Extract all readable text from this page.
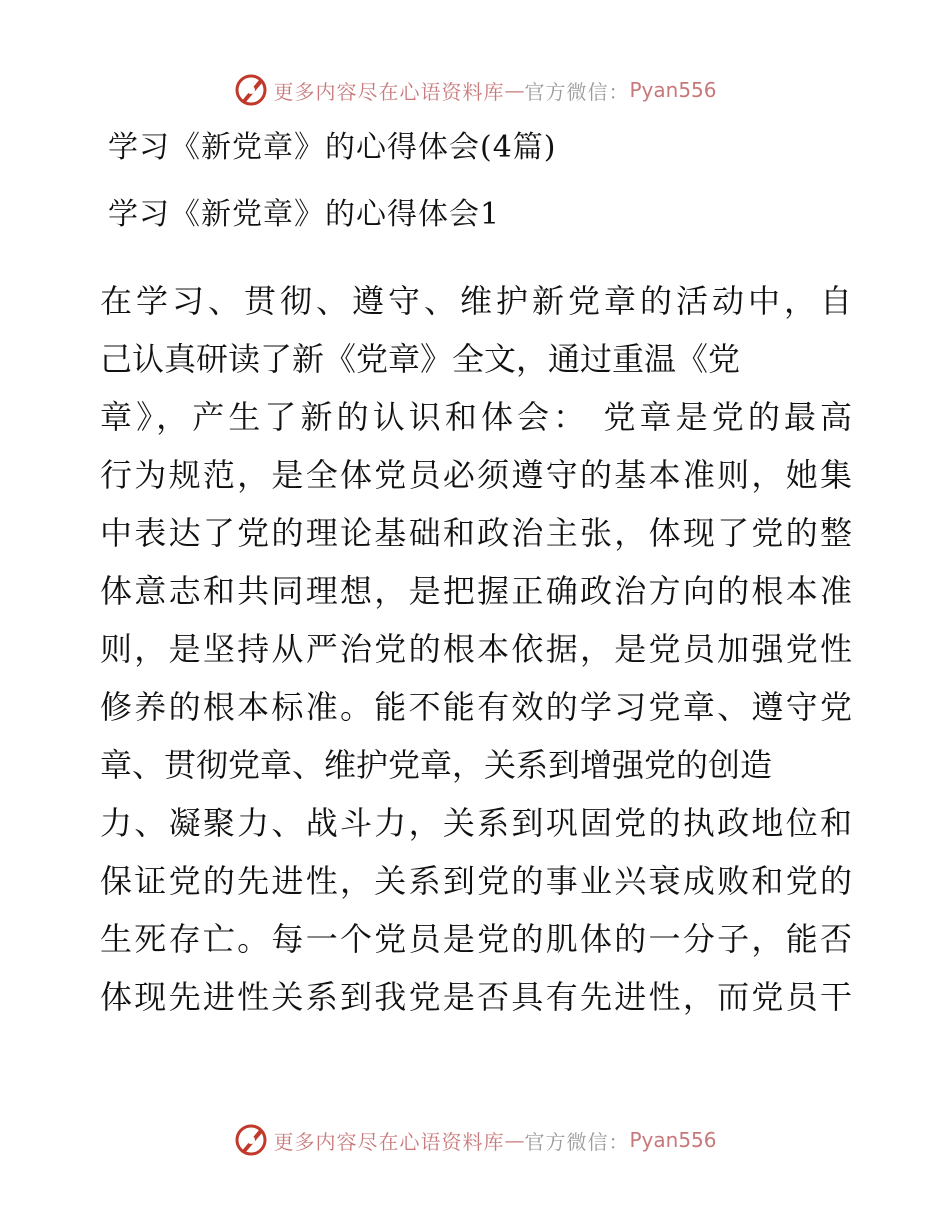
更多内容尽在心语资料库 — 官方微信： Pyan556
学习《新党章》的心得体会(4篇)
学习《新党章》的心得体会1
在学习、贯彻、遵守、维护新党章的活动中，自
己认真研读了新《党章》全文，通过重温《党
章》，产生了新的认识和体会： 党章是党的最高
行为规范，是全体党员必须遵守的基本准则，她集
中表达了党的理论基础和政治主张，体现了党的整
体意志和共同理想，是把握正确政治方向的根本准
则，是坚持从严治党的根本依据，是党员加强党性
修养的根本标准。能不能有效的学习党章、遵守党
章、贯彻党章、维护党章，关系到增强党的创造
力、凝聚力、战斗力，关系到巩固党的执政地位和
保证党的先进性，关系到党的事业兴衰成败和党的
生死存亡。每一个党员是党的肌体的一分子，能否
体现先进性关系到我党是否具有先进性，而党员干
更多内容尽在心语资料库 — 官方微信： Pyan556
